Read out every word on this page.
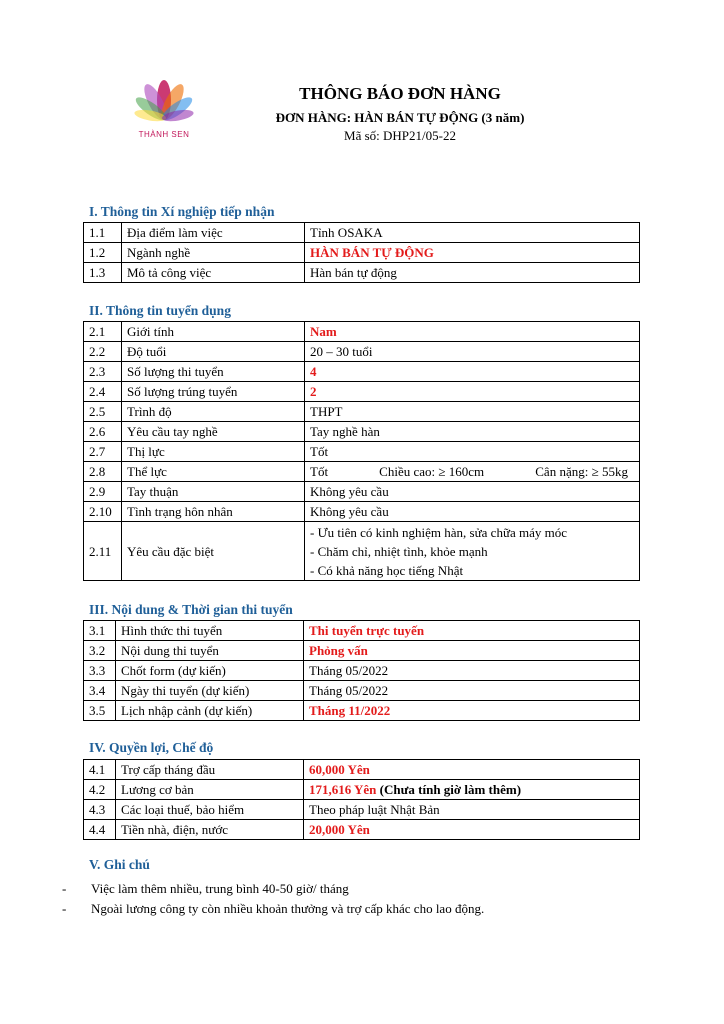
THÀNH SEN
THÔNG BÁO ĐƠN HÀNG
ĐƠN HÀNG: HÀN BÁN TỰ ĐỘNG (3 năm)
Mã số: DHP21/05-22
I. Thông tin Xí nghiệp tiếp nhận
1.1	Địa điểm làm việc	Tỉnh OSAKA
1.2	Ngành nghề	HÀN BÁN TỰ ĐỘNG
1.3	Mô tả công việc	Hàn bán tự động
II. Thông tin tuyển dụng
2.1	Giới tính	Nam
2.2	Độ tuổi	20 – 30 tuổi
2.3	Số lượng thi tuyển	4
2.4	Số lượng trúng tuyển	2
2.5	Trình độ	THPT
2.6	Yêu cầu tay nghề	Tay nghề hàn
2.7	Thị lực	Tốt
2.8	Thể lực	Tốt Chiều cao: ≥ 160cm Cân nặng: ≥ 55kg

2.9	Tay thuận	Không yêu cầu
2.10	Tình trạng hôn nhân	Không yêu cầu
2.11	Yêu cầu đặc biệt	- Ưu tiên có kinh nghiệm hàn, sửa chữa máy móc
- Chăm chỉ, nhiệt tình, khỏe mạnh
- Có khả năng học tiếng Nhật
III. Nội dung & Thời gian thi tuyển
3.1	Hình thức thi tuyển	Thi tuyển trực tuyến
3.2	Nội dung thi tuyển	Phỏng vấn
3.3	Chốt form (dự kiến)	Tháng 05/2022
3.4	Ngày thi tuyển (dự kiến)	Tháng 05/2022
3.5	Lịch nhập cảnh (dự kiến)	Tháng 11/2022
IV. Quyền lợi, Chế độ
4.1	Trợ cấp tháng đầu	60,000 Yên
4.2	Lương cơ bản	171,616 Yên (Chưa tính giờ làm thêm)
4.3	Các loại thuế, bảo hiểm	Theo pháp luật Nhật Bản
4.4	Tiền nhà, điện, nước	20,000 Yên
V. Ghi chú
-	Việc làm thêm nhiều, trung bình 40-50 giờ/ tháng
-	Ngoài lương công ty còn nhiều khoản thưởng và trợ cấp khác cho lao động.
